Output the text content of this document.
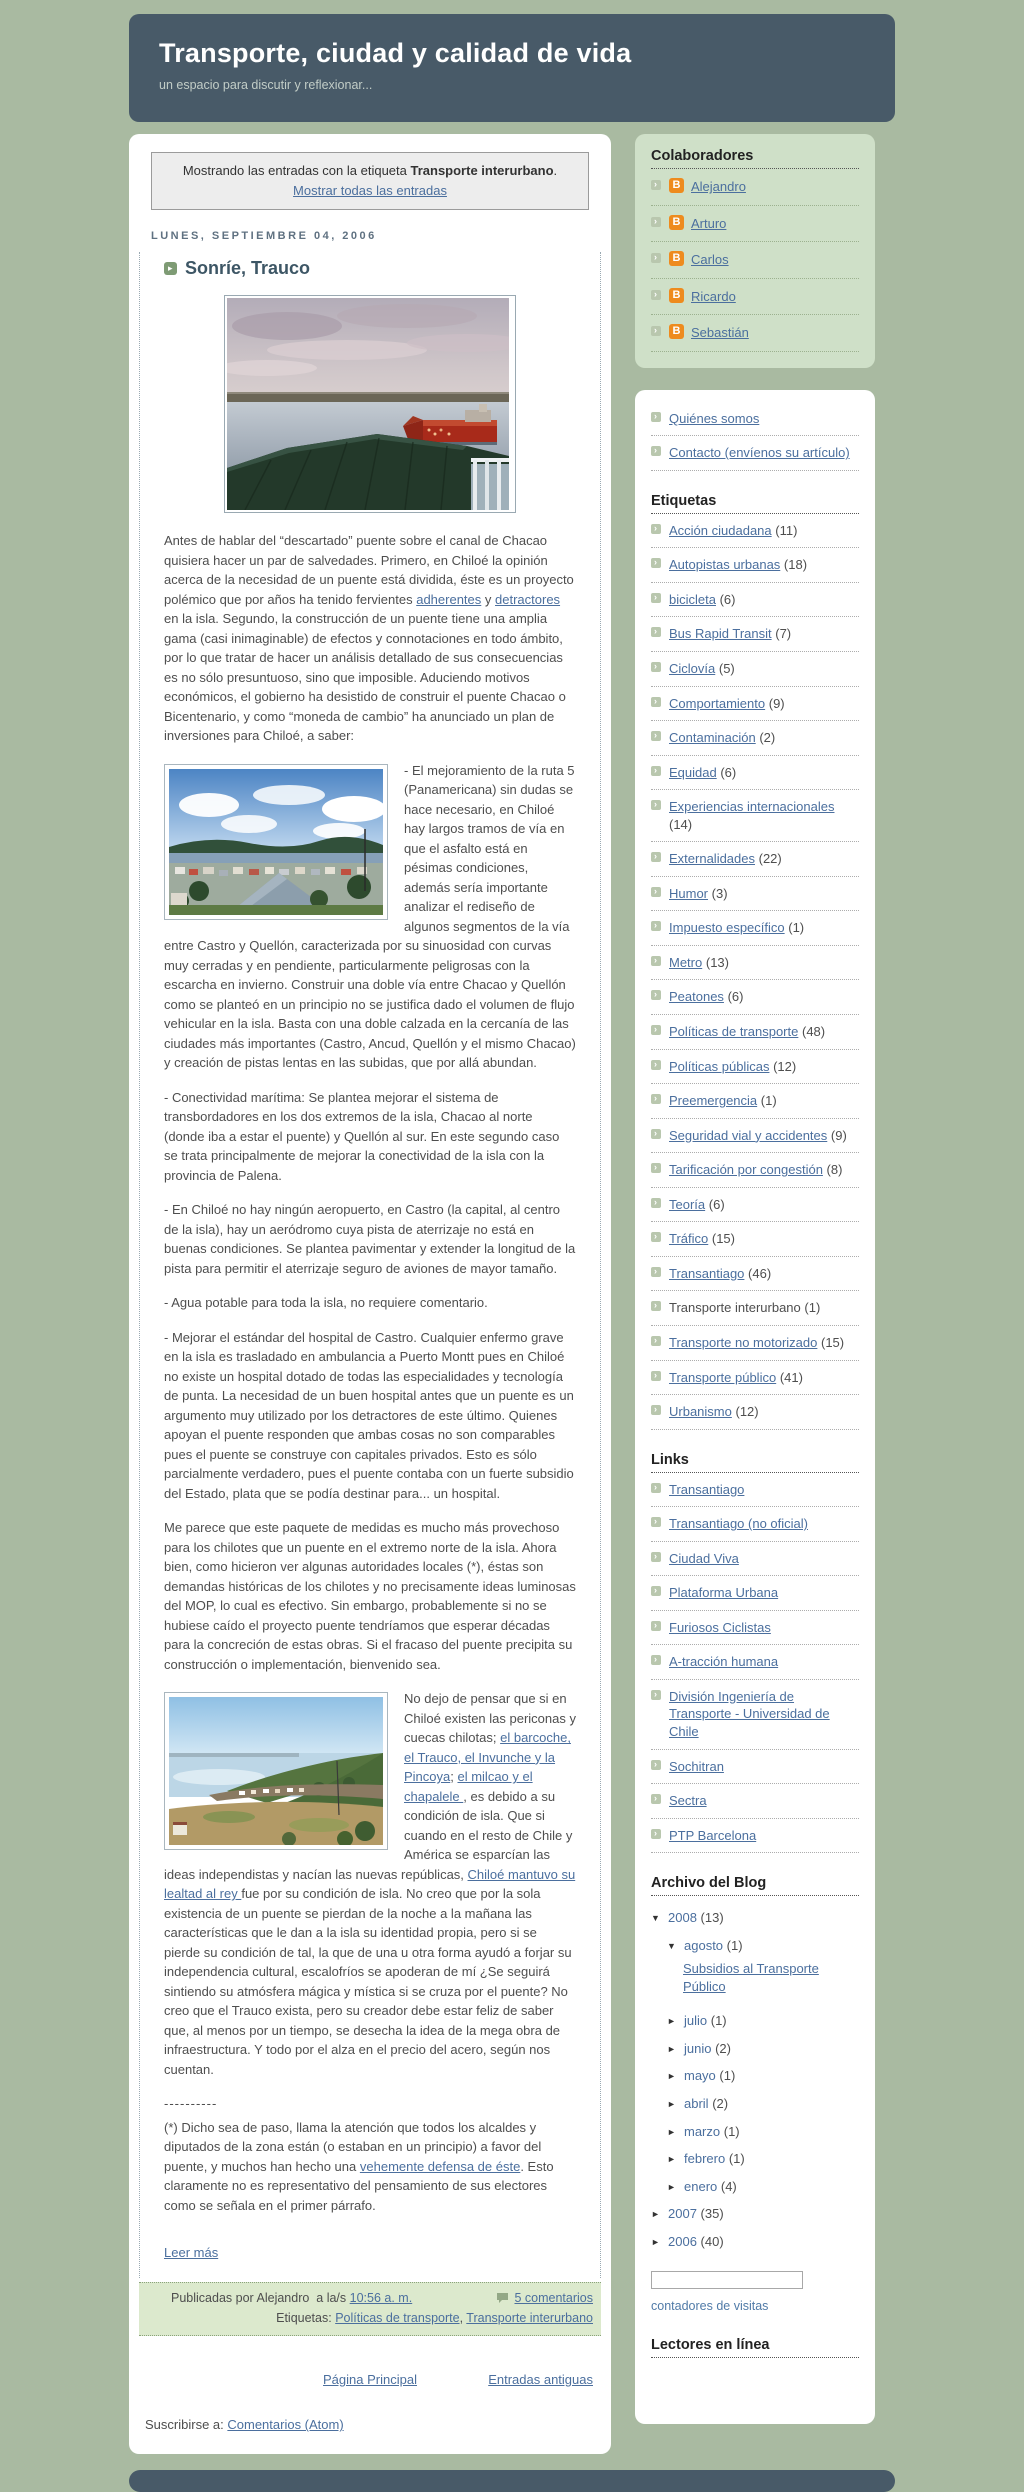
Transporte, ciudad y calidad de vida
un espacio para discutir y reflexionar...
Mostrando las entradas con la etiqueta Transporte interurbano.
Mostrar todas las entradas
LUNES, SEPTIEMBRE 04, 2006
▸
Sonríe, Trauco
Antes de hablar del “descartado” puente sobre el canal de Chacao quisiera hacer un par de salvedades. Primero, en Chiloé la opinión acerca de la necesidad de un puente está dividida, éste es un proyecto polémico que por años ha tenido fervientes adherentes y detractores en la isla. Segundo, la construcción de un puente tiene una amplia gama (casi inimaginable) de efectos y connotaciones en todo ámbito, por lo que tratar de hacer un análisis detallado de sus consecuencias es no sólo presuntuoso, sino que imposible. Aduciendo motivos económicos, el gobierno ha desistido de construir el puente Chacao o Bicentenario, y como “moneda de cambio” ha anunciado un plan de inversiones para Chiloé, a saber:
- El mejoramiento de la ruta 5 (Panamericana) sin dudas se hace necesario, en Chiloé hay largos tramos de vía en que el asfalto está en pésimas condiciones, además sería importante analizar el rediseño de algunos segmentos de la vía entre Castro y Quellón, caracterizada por su sinuosidad con curvas muy cerradas y en pendiente, particularmente peligrosas con la escarcha en invierno. Construir una doble vía entre Chacao y Quellón como se planteó en un principio no se justifica dado el volumen de flujo vehicular en la isla. Basta con una doble calzada en la cercanía de las ciudades más importantes (Castro, Ancud, Quellón y el mismo Chacao) y creación de pistas lentas en las subidas, que por allá abundan.
- Conectividad marítima: Se plantea mejorar el sistema de transbordadores en los dos extremos de la isla, Chacao al norte (donde iba a estar el puente) y Quellón al sur. En este segundo caso se trata principalmente de mejorar la conectividad de la isla con la provincia de Palena.
- En Chiloé no hay ningún aeropuerto, en Castro (la capital, al centro de la isla), hay un aeródromo cuya pista de aterrizaje no está en buenas condiciones. Se plantea pavimentar y extender la longitud de la pista para permitir el aterrizaje seguro de aviones de mayor tamaño.
- Agua potable para toda la isla, no requiere comentario.
- Mejorar el estándar del hospital de Castro. Cualquier enfermo grave en la isla es trasladado en ambulancia a Puerto Montt pues en Chiloé no existe un hospital dotado de todas las especialidades y tecnología de punta. La necesidad de un buen hospital antes que un puente es un argumento muy utilizado por los detractores de este último. Quienes apoyan el puente responden que ambas cosas no son comparables pues el puente se construye con capitales privados. Esto es sólo parcialmente verdadero, pues el puente contaba con un fuerte subsidio del Estado, plata que se podía destinar para... un hospital.
Me parece que este paquete de medidas es mucho más provechoso para los chilotes que un puente en el extremo norte de la isla. Ahora bien, como hicieron ver algunas autoridades locales (*), éstas son demandas históricas de los chilotes y no precisamente ideas luminosas del MOP, lo cual es efectivo. Sin embargo, probablemente si no se hubiese caído el proyecto puente tendríamos que esperar décadas para la concreción de estas obras. Si el fracaso del puente precipita su construcción o implementación, bienvenido sea.
No dejo de pensar que si en Chiloé existen las periconas y cuecas chilotas; el barcoche, el Trauco, el Invunche y la Pincoya; el milcao y el chapalele , es debido a su condición de isla. Que si cuando en el resto de Chile y América se esparcían las ideas independistas y nacían las nuevas repúblicas, Chiloé mantuvo su lealtad al rey fue por su condición de isla. No creo que por la sola existencia de un puente se pierdan de la noche a la mañana las características que le dan a la isla su identidad propia, pero si se pierde su condición de tal, la que de una u otra forma ayudó a forjar su independencia cultural, escalofríos se apoderan de mí ¿Se seguirá sintiendo su atmósfera mágica y mística si se cruza por el puente? No creo que el Trauco exista, pero su creador debe estar feliz de saber que, al menos por un tiempo, se desecha la idea de la mega obra de infraestructura. Y todo por el alza en el precio del acero, según nos cuentan.
----------
(*) Dicho sea de paso, llama la atención que todos los alcaldes y diputados de la zona están (o estaban en un principio) a favor del puente, y muchos han hecho una vehemente defensa de éste. Esto claramente no es representativo del pensamiento de sus electores como se señala en el primer párrafo.
Leer más
Publicadas por Alejandro a la/s 10:56 a. m.	5 comentarios
Etiquetas: Políticas de transporte, Transporte interurbano
Página Principal	Entradas antiguas
Suscribirse a: Comentarios (Atom)
Colaboradores
›
B Alejandro
›
B Arturo
›
B Carlos
›
B Ricardo
›
B Sebastián
›
Quiénes somos
›
Contacto (envíenos su artículo)
Etiquetas
›
Acción ciudadana (11)
›
Autopistas urbanas (18)
›
bicicleta (6)
›
Bus Rapid Transit (7)
›
Ciclovía (5)
›
Comportamiento (9)
›
Contaminación (2)
›
Equidad (6)
›
Experiencias internacionales (14)
›
Externalidades (22)
›
Humor (3)
›
Impuesto específico (1)
›
Metro (13)
›
Peatones (6)
›
Políticas de transporte (48)
›
Políticas públicas (12)
›
Preemergencia (1)
›
Seguridad vial y accidentes (9)
›
Tarificación por congestión (8)
›
Teoría (6)
›
Tráfico (15)
›
Transantiago (46)
›
Transporte interurbano (1)
›
Transporte no motorizado (15)
›
Transporte público (41)
›
Urbanismo (12)
Links
›
Transantiago
›
Transantiago (no oficial)
›
Ciudad Viva
›
Plataforma Urbana
›
Furiosos Ciclistas
›
A-tracción humana
›
División Ingeniería de Transporte - Universidad de Chile
›
Sochitran
›
Sectra
›
PTP Barcelona
Archivo del Blog
▼ 2008 (13)
▼ agosto (1)
Subsidios al Transporte Público
► julio (1)
► junio (2)
► mayo (1)
► abril (2)
► marzo (1)
► febrero (1)
► enero (4)
► 2007 (35)
► 2006 (40)
contadores de visitas
Lectores en línea
